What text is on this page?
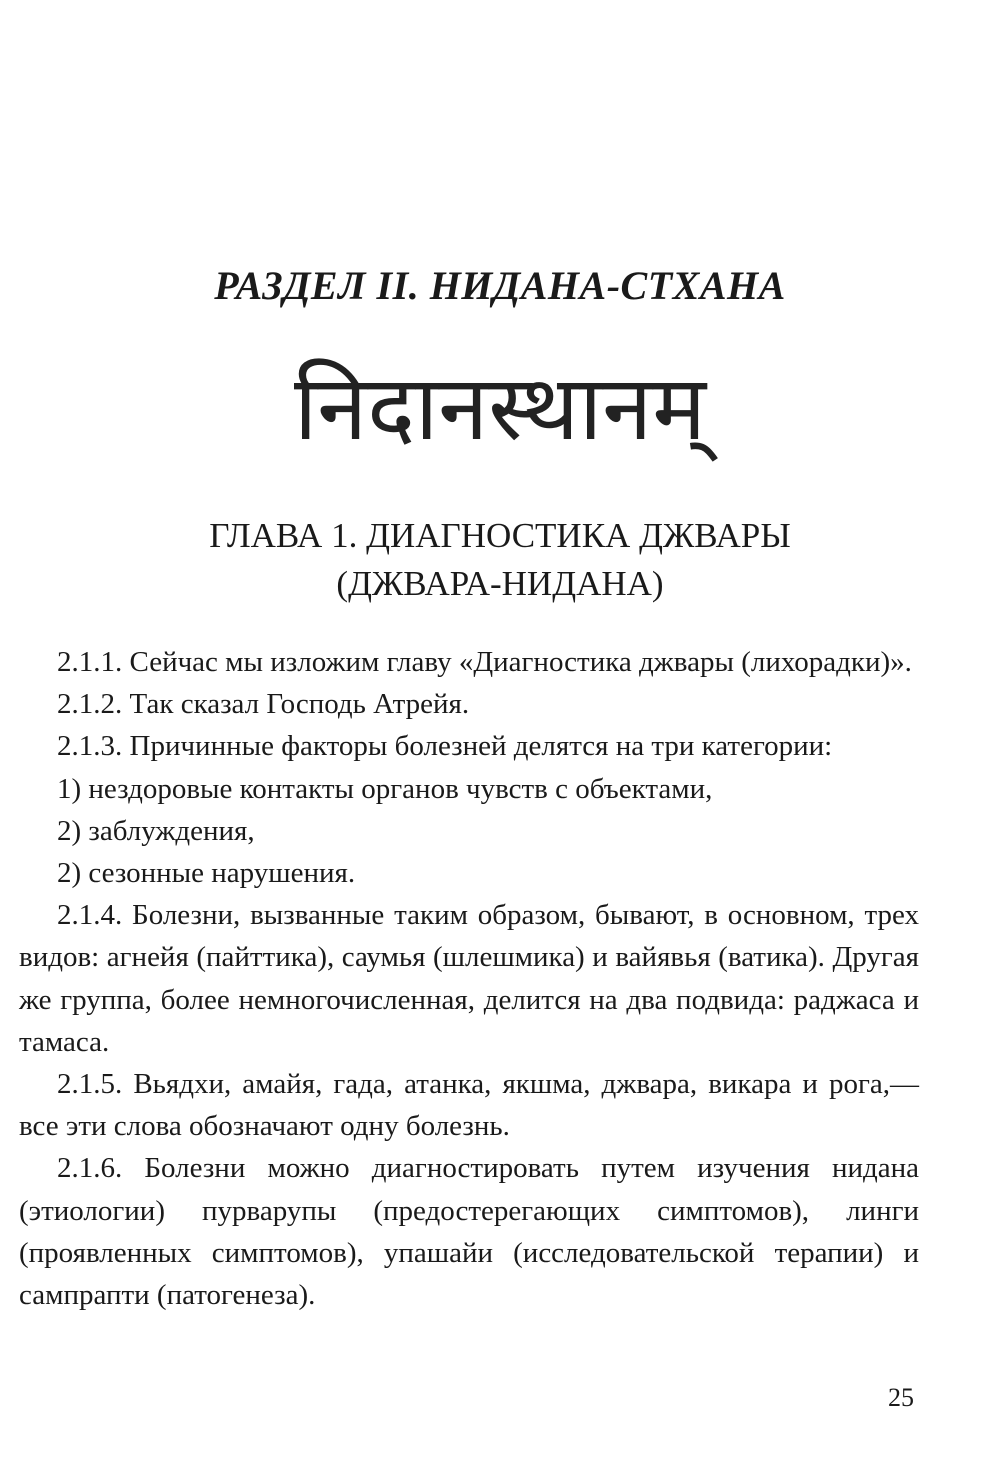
РАЗДЕЛ II. НИДАНА-СТХАНА
निदानस्थानम्
ГЛАВА 1. ДИАГНОСТИКА ДЖВАРЫ
(ДЖВАРА-НИДАНА)

2.1.1. Сейчас мы изложим главу «Диагностика джвары (лихорадки)».

2.1.2. Так сказал Господь Атрейя.

2.1.3. Причинные факторы болезней делятся на три категории:

1) нездоровые контакты органов чувств с объектами,

2) заблуждения,

2) сезонные нарушения.

2.1.4. Болезни, вызванные таким образом, бывают, в основном, трех видов: агнейя (пайттика), саумья (шлешмика) и вайявья (ватика). Другая же группа, более немногочисленная, делится на два подвида: раджаса и тамаса.

2.1.5. Вьядхи, амайя, гада, атанка, якшма, джвара, викара и рога,— все эти слова обозначают одну болезнь.

2.1.6. Болезни можно диагностировать путем изучения нидана (этиологии) пурварупы (предостерегающих симптомов), линги (проявленных симптомов), упашайи (исследовательской терапии) и сампрапти (патогенеза).

25
